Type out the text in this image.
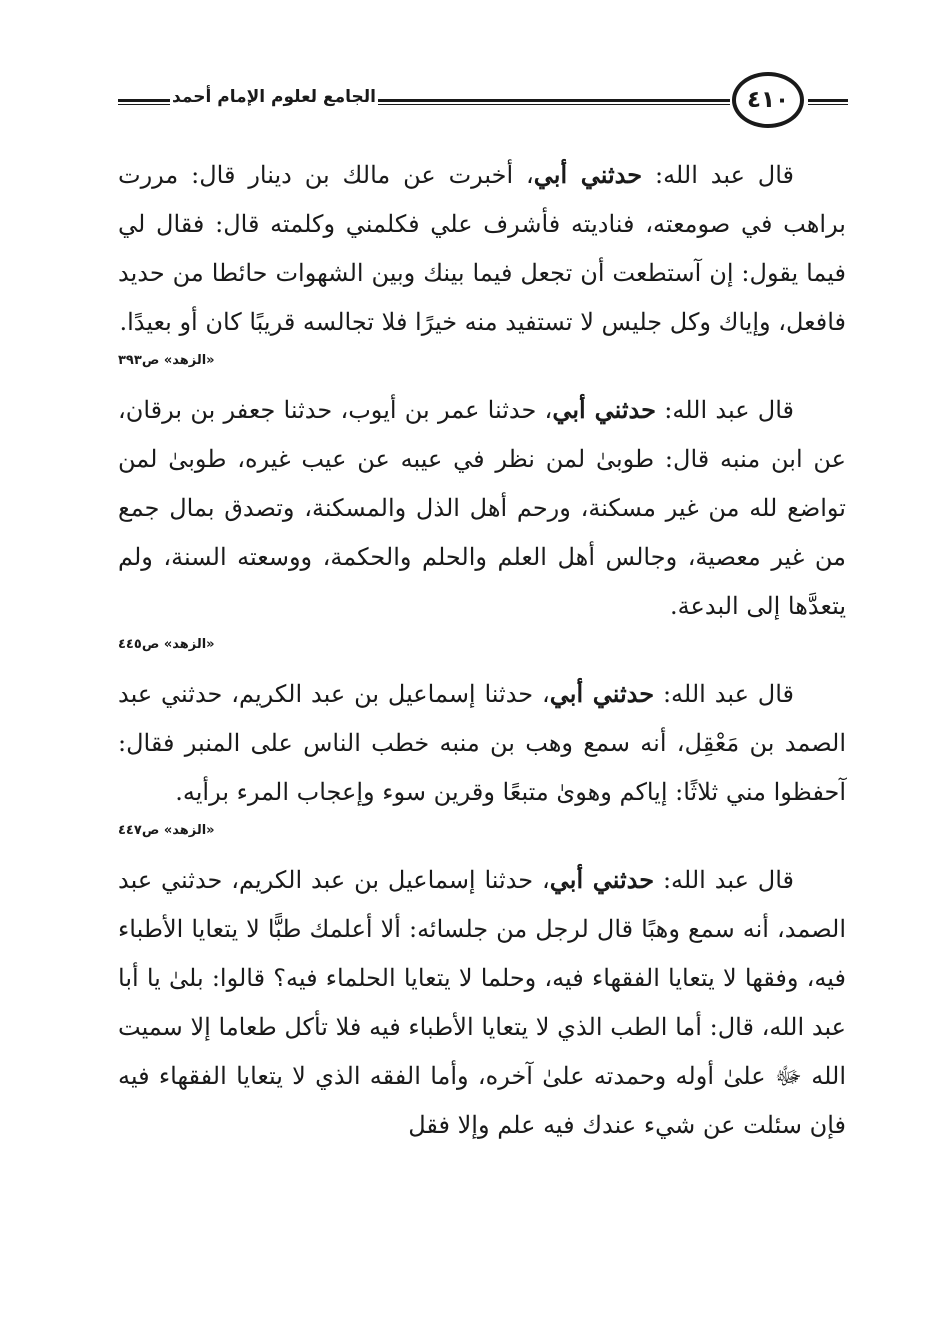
الجامع لعلوم الإمام أحمد	٤١٠

قال عبد الله: حدثني أبي، أخبرت عن مالك بن دينار قال: مررت براهب في صومعته، فناديته فأشرف علي فكلمني وكلمته قال: فقال لي فيما يقول: إن آستطعت أن تجعل فيما بينك وبين الشهوات حائطا من حديد فافعل، وإياك وكل جليس لا تستفيد منه خيرًا فلا تجالسه قريبًا كان أو بعيدًا.

«الزهد» ص٣٩٣

قال عبد الله: حدثني أبي، حدثنا عمر بن أيوب، حدثنا جعفر بن برقان، عن ابن منبه قال: طوبىٰ لمن نظر في عيبه عن عيب غيره، طوبىٰ لمن تواضع لله من غير مسكنة، ورحم أهل الذل والمسكنة، وتصدق بمال جمع من غير معصية، وجالس أهل العلم والحلم والحكمة، ووسعته السنة، ولم يتعدَّها إلى البدعة.

«الزهد» ص٤٤٥

قال عبد الله: حدثني أبي، حدثنا إسماعيل بن عبد الكريم، حدثني عبد الصمد بن مَعْقِل، أنه سمع وهب بن منبه خطب الناس على المنبر فقال: آحفظوا مني ثلاثًا: إياكم وهوىٰ متبعًا وقرين سوء وإعجاب المرء برأيه.

«الزهد» ص٤٤٧

قال عبد الله: حدثني أبي، حدثنا إسماعيل بن عبد الكريم، حدثني عبد الصمد، أنه سمع وهبًا قال لرجل من جلسائه: ألا أعلمك طبًّا لا يتعايا الأطباء فيه، وفقها لا يتعايا الفقهاء فيه، وحلما لا يتعايا الحلماء فيه؟ قالوا: بلىٰ يا أبا عبد الله، قال: أما الطب الذي لا يتعايا الأطباء فيه فلا تأكل طعاما إلا سميت الله ﷻ علىٰ أوله وحمدته علىٰ آخره، وأما الفقه الذي لا يتعايا الفقهاء فيه فإن سئلت عن شيء عندك فيه علم وإلا فقل
